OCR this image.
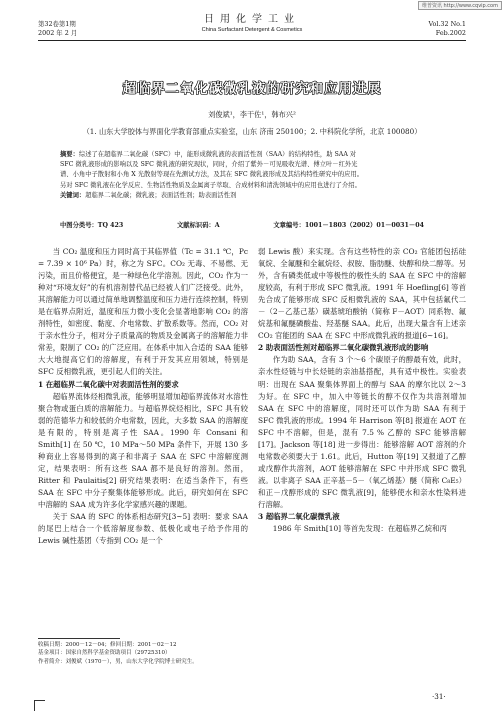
维普资讯 http://www.cqvip.com
第32卷第1期
2002 年 2 月
日用化学工业
China Surfactant Detergent & Cosmetics
Vol.32 No.1
Feb.2002
超临界二氧化碳微乳液的研究和应用进展
刘俊斌¹，李干佐¹，韩布兴²
（1. 山东大学胶体与界面化学教育部重点实验室，山东 济南 250100；2. 中科院化学所，北京 100080）

摘要：综述了在超临界二氧化碳（SFC）中，能形成微乳液的表面活性剂（SAA）的结构特性，助 SAA 对

SFC 微乳液形成的影响以及 SFC 微乳液的研究现状，同时，介绍了紫外－可见吸收光谱、傅立叶－红外光

谱、小角中子散射和小角 X 光散射等现在先测试方法，及其在 SFC 微乳液形成及其结构特性研究中的应用。

另对 SFC 微乳液在化学反应、生物活性物质及金属离子萃取、合成材料和清洗领域中的应用也进行了介绍。

关键词：超临界二氧化碳；微乳液；表面活性剂；助表面活性剂

中图分类号：TQ 423	文献标识码：A	文章编号：1001－1803（2002）01－0031－04

当 CO₂ 温度和压力同时高于其临界值（Tc = 31.1 ℃，Pc = 7.39 × 10⁶ Pa）时，称之为 SFC。CO₂ 无毒、不易燃、无污染，而且价格便宜，是一种绿色化学溶剂。因此，CO₂ 作为一种对“环境友好”的有机溶剂替代品已经被人们广泛接受。此外，其溶解能力可以通过简单地调整温度和压力进行连续控制，特别是在临界点附近，温度和压力微小变化会显著地影响 CO₂ 的溶剂特性，如密度、黏度、介电常数、扩散系数等。然而，CO₂ 对于亲水性分子，相对分子质量高的物质及金属离子的溶解能力非常差，限制了 CO₂ 的广泛应用。在体系中加入合适的 SAA 能够大大地提高它们的溶解度，有利于开发其应用领域，特别是 SFC 反相微乳液，更引起人们的关注。

1 在超临界二氧化碳中对表面活性剂的要求

超临界流体烃相微乳液，能够明显增加超临界流体对水溶性聚合物或蛋白质的溶解能力。与超临界烷烃相比，SFC 具有较弱的范德华力和较低的介电常数，因此，大多数 SAA 的溶解度是有限的，特别是离子性 SAA。1990 年 Consani 和 Smith[1] 在 50 ℃，10 MPa～50 MPa 条件下，开展 130 多种商业上容易得到的离子和非离子 SAA 在 SFC 中溶解度测定，结果表明：所有这些 SAA 都不是良好的溶剂。然而，Ritter 和 Paulaitis[2] 研究结果表明：在适当条件下，有些 SAA 在 SFC 中分子聚集体能够形成。此后，研究如何在 SFC 中溶解的 SAA 成为许多化学家感兴趣的课题。

关于 SAA 的 SFC 的体系相态研究[3~5] 表明：要求 SAA 的尾巴上结合一个低溶解度参数、低极化或电子给予作用的 Lewis 碱性基团（专指到 CO₂ 是一个

弱 Lewis 酸）来实现。含有这些特性的亲 CO₂ 官能团包括硅氧烷、全氟醚和全氟烷烃、叔胺、脂肪醚、炔醇和炔二醇等。另外，含有磷类低或中等极性的极性头的 SAA 在 SFC 中的溶解度较高，有利于形成 SFC 微乳液。1991 年 Hoefling[6] 等首先合成了能够形成 SFC 反相微乳液的 SAA，其中包括氟代二－（2－乙基己基）磺基琥珀酸钠（简称 F－AOT）同系物、氟烷基和氟醚磷酸盐、羟基醚 SAA。此后，出现大量含有上述亲 CO₂ 官能团的 SAA 在 SFC 中形成微乳液的报道[6~16]。

2 助表面活性剂对超临界二氧化碳微乳液形成的影响

作为助 SAA，含有 3 个～6 个碳原子的醇最有效，此时，亲水性烃链与中长烃链的亲油基搭配，具有适中极性。实验表明：出现在 SAA 聚集体界面上的醇与 SAA 的摩尔比以 2～3 为好。在 SFC 中，加入中等链长的醇不仅作为共溶剂增加 SAA 在 SFC 中的溶解度，同时还可以作为助 SAA 有利于 SFC 微乳液的形成。1994 年 Harrison 等[8] 报道在 AOT 在 SFC 中不溶解，但是，混有 7.5 % 乙醇的 SFC 能够溶解[17]。Jackson 等[18] 进一步得出：能够溶解 AOT 溶剂的介电常数必须要大于 1.61。此后，Hutton 等[19] 又报道了乙醇或戊醇作共溶剂，AOT 能够溶解在 SFC 中并形成 SFC 微乳液。以非离子 SAA 正辛基－5－（氧乙烯基）醚（简称 C₈E₅）和正－戊醇形成的 SFC 微乳液[9]，能够使水和亲水性染料进行溶解。

3 超临界二氧化碳微乳液

1986 年 Smith[10] 等首先发现：在超临界乙烷和丙

收稿日期：2000－12－04；修回日期：2001－02－12

基金项目：国家自然科学基金资助项目（29725310）

作者简介：刘俊斌（1970－），男，山东大学化学院博士研究生。

·31·
